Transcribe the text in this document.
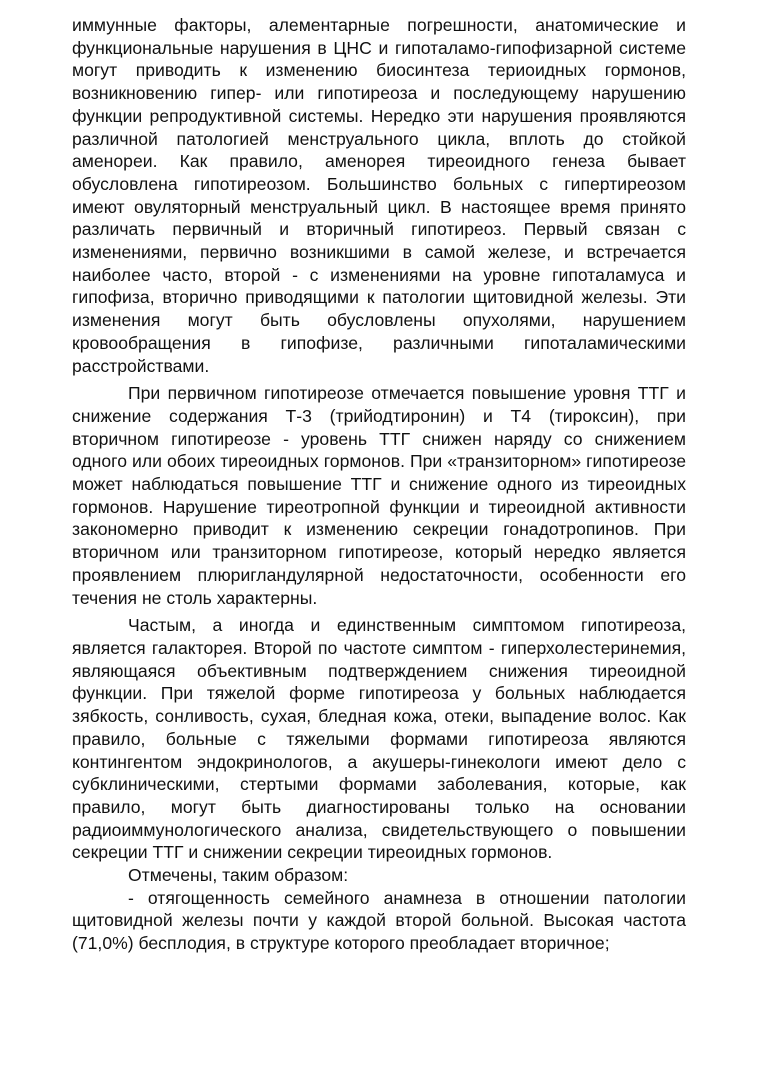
иммунные факторы, алементарные погрешности, анатомические и функциональные нарушения в ЦНС и гипоталамо-гипофизарной системе могут приводить к изменению биосинтеза териоидных гормонов, возникновению гипер- или гипотиреоза и последующему нарушению функции репродуктивной системы. Нередко эти нарушения проявляются различной патологией менструального цикла, вплоть до стойкой аменореи. Как правило, аменорея тиреоидного генеза бывает обусловлена гипотиреозом. Большинство больных с гипертиреозом имеют овуляторный менструальный цикл. В настоящее время принято различать первичный и вторичный гипотиреоз. Первый связан с изменениями, первично возникшими в самой железе, и встречается наиболее часто, второй - с изменениями на уровне гипоталамуса и гипофиза, вторично приводящими к патологии щитовидной железы. Эти изменения могут быть обусловлены опухолями, нарушением кровообращения в гипофизе, различными гипоталамическими расстройствами.

При первичном гипотиреозе отмечается повышение уровня ТТГ и снижение содержания Т-3 (трийодтиронин) и Т4 (тироксин), при вторичном гипотиреозе - уровень ТТГ снижен наряду со снижением одного или обоих тиреоидных гормонов. При «транзиторном» гипотиреозе может наблюдаться повышение ТТГ и снижение одного из тиреоидных гормонов. Нарушение тиреотропной функции и тиреоидной активности закономерно приводит к изменению секреции гонадотропинов. При вторичном или транзиторном гипотиреозе, который нередко является проявлением плюригландулярной недостаточности, особенности его течения не столь характерны.

Частым, а иногда и единственным симптомом гипотиреоза, является галакторея. Второй по частоте симптом - гиперхолестеринемия, являющаяся объективным подтверждением снижения тиреоидной функции. При тяжелой форме гипотиреоза у больных наблюдается зябкость, сонливость, сухая, бледная кожа, отеки, выпадение волос. Как правило, больные с тяжелыми формами гипотиреоза являются контингентом эндокринологов, а акушеры-гинекологи имеют дело с субклиническими, стертыми формами заболевания, которые, как правило, могут быть диагностированы только на основании радиоиммунологического анализа, свидетельствующего о повышении секреции ТТГ и снижении секреции тиреоидных гормонов.

Отмечены, таким образом:

- отягощенность семейного анамнеза в отношении патологии щитовидной железы почти у каждой второй больной. Высокая частота (71,0%) бесплодия, в структуре которого преобладает вторичное;
